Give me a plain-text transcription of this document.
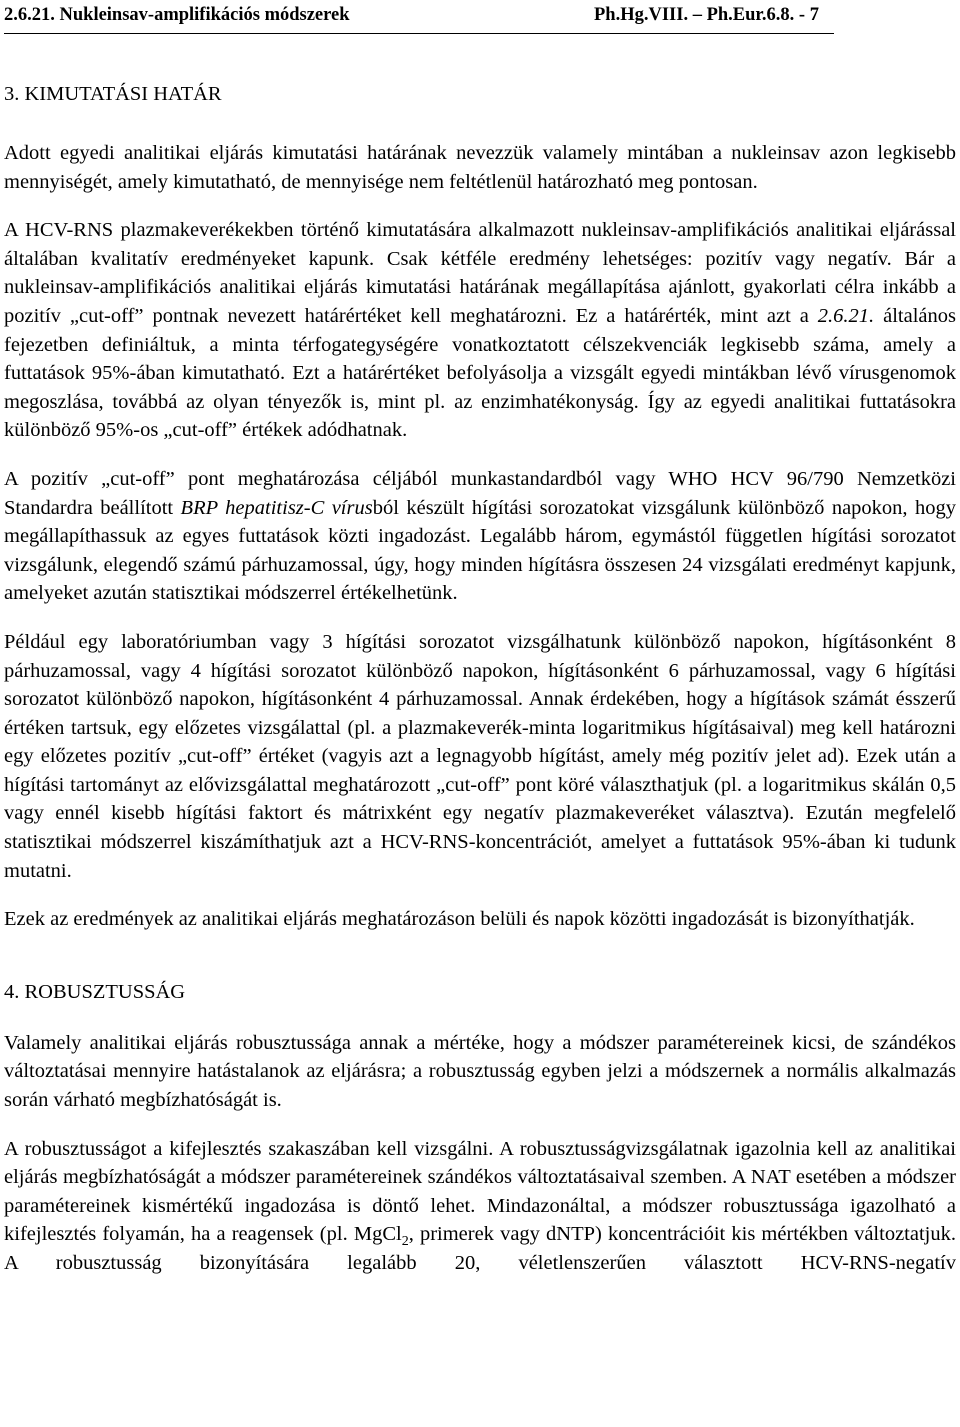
2.6.21. Nukleinsav-amplifikációs módszerek	Ph.Hg.VIII. – Ph.Eur.6.8. - 7
3. KIMUTATÁSI HATÁR

Adott egyedi analitikai eljárás kimutatási határának nevezzük valamely mintában a nukleinsav azon legkisebb mennyiségét, amely kimutatható, de mennyisége nem feltétlenül határozható meg pontosan.

A HCV-RNS plazmakeverékekben történő kimutatására alkalmazott nukleinsav-amplifikációs analitikai eljárással általában kvalitatív eredményeket kapunk. Csak kétféle eredmény lehetséges: pozitív vagy negatív. Bár a nukleinsav-amplifikációs analitikai eljárás kimutatási határának megállapítása ajánlott, gyakorlati célra inkább a pozitív „cut-off” pontnak nevezett határértéket kell meghatározni. Ez a határérték, mint azt a 2.6.21. általános fejezetben definiáltuk, a minta térfogategységére vonatkoztatott célszekvenciák legkisebb száma, amely a futtatások 95%-ában kimutatható. Ezt a határértéket befolyásolja a vizsgált egyedi mintákban lévő vírusgenomok megoszlása, továbbá az olyan tényezők is, mint pl. az enzimhatékonyság. Így az egyedi analitikai futtatásokra különböző 95%-os „cut-off” értékek adódhatnak.

A pozitív „cut-off” pont meghatározása céljából munkastandardból vagy WHO HCV 96/790 Nemzetközi Standardra beállított BRP hepatitisz-C vírusból készült hígítási sorozatokat vizsgálunk különböző napokon, hogy megállapíthassuk az egyes futtatások közti ingadozást. Legalább három, egymástól független hígítási sorozatot vizsgálunk, elegendő számú párhuzamossal, úgy, hogy minden hígításra összesen 24 vizsgálati eredményt kapjunk, amelyeket azután statisztikai módszerrel értékelhetünk.

Például egy laboratóriumban vagy 3 hígítási sorozatot vizsgálhatunk különböző napokon, hígításonként 8 párhuzamossal, vagy 4 hígítási sorozatot különböző napokon, hígításonként 6 párhuzamossal, vagy 6 hígítási sorozatot különböző napokon, hígításonként 4 párhuzamossal. Annak érdekében, hogy a hígítások számát ésszerű értéken tartsuk, egy előzetes vizsgálattal (pl. a plazmakeverék-minta logaritmikus hígításaival) meg kell határozni egy előzetes pozitív „cut-off” értéket (vagyis azt a legnagyobb hígítást, amely még pozitív jelet ad). Ezek után a hígítási tartományt az elővizsgálattal meghatározott „cut-off” pont köré választhatjuk (pl. a logaritmikus skálán 0,5 vagy ennél kisebb hígítási faktort és mátrixként egy negatív plazmakeveréket választva). Ezután megfelelő statisztikai módszerrel kiszámíthatjuk azt a HCV-RNS-koncentrációt, amelyet a futtatások 95%-ában ki tudunk mutatni.

Ezek az eredmények az analitikai eljárás meghatározáson belüli és napok közötti ingadozását is bizonyíthatják.

4. ROBUSZTUSSÁG

Valamely analitikai eljárás robusztussága annak a mértéke, hogy a módszer paramétereinek kicsi, de szándékos változtatásai mennyire hatástalanok az eljárásra; a robusztusság egyben jelzi a módszernek a normális alkalmazás során várható megbízhatóságát is.

A robusztusságot a kifejlesztés szakaszában kell vizsgálni. A robusztusságvizsgálatnak igazolnia kell az analitikai eljárás megbízhatóságát a módszer paramétereinek szándékos változtatásaival szemben. A NAT esetében a módszer paramétereinek kismértékű ingadozása is döntő lehet. Mindazonáltal, a módszer robusztussága igazolható a kifejlesztés folyamán, ha a reagensek (pl. MgCl$_2$, primerek vagy dNTP) koncentrációit kis mértékben változtatjuk. A robusztusság bizonyítására legalább 20, véletlenszerűen választott HCV-RNS-negatív
